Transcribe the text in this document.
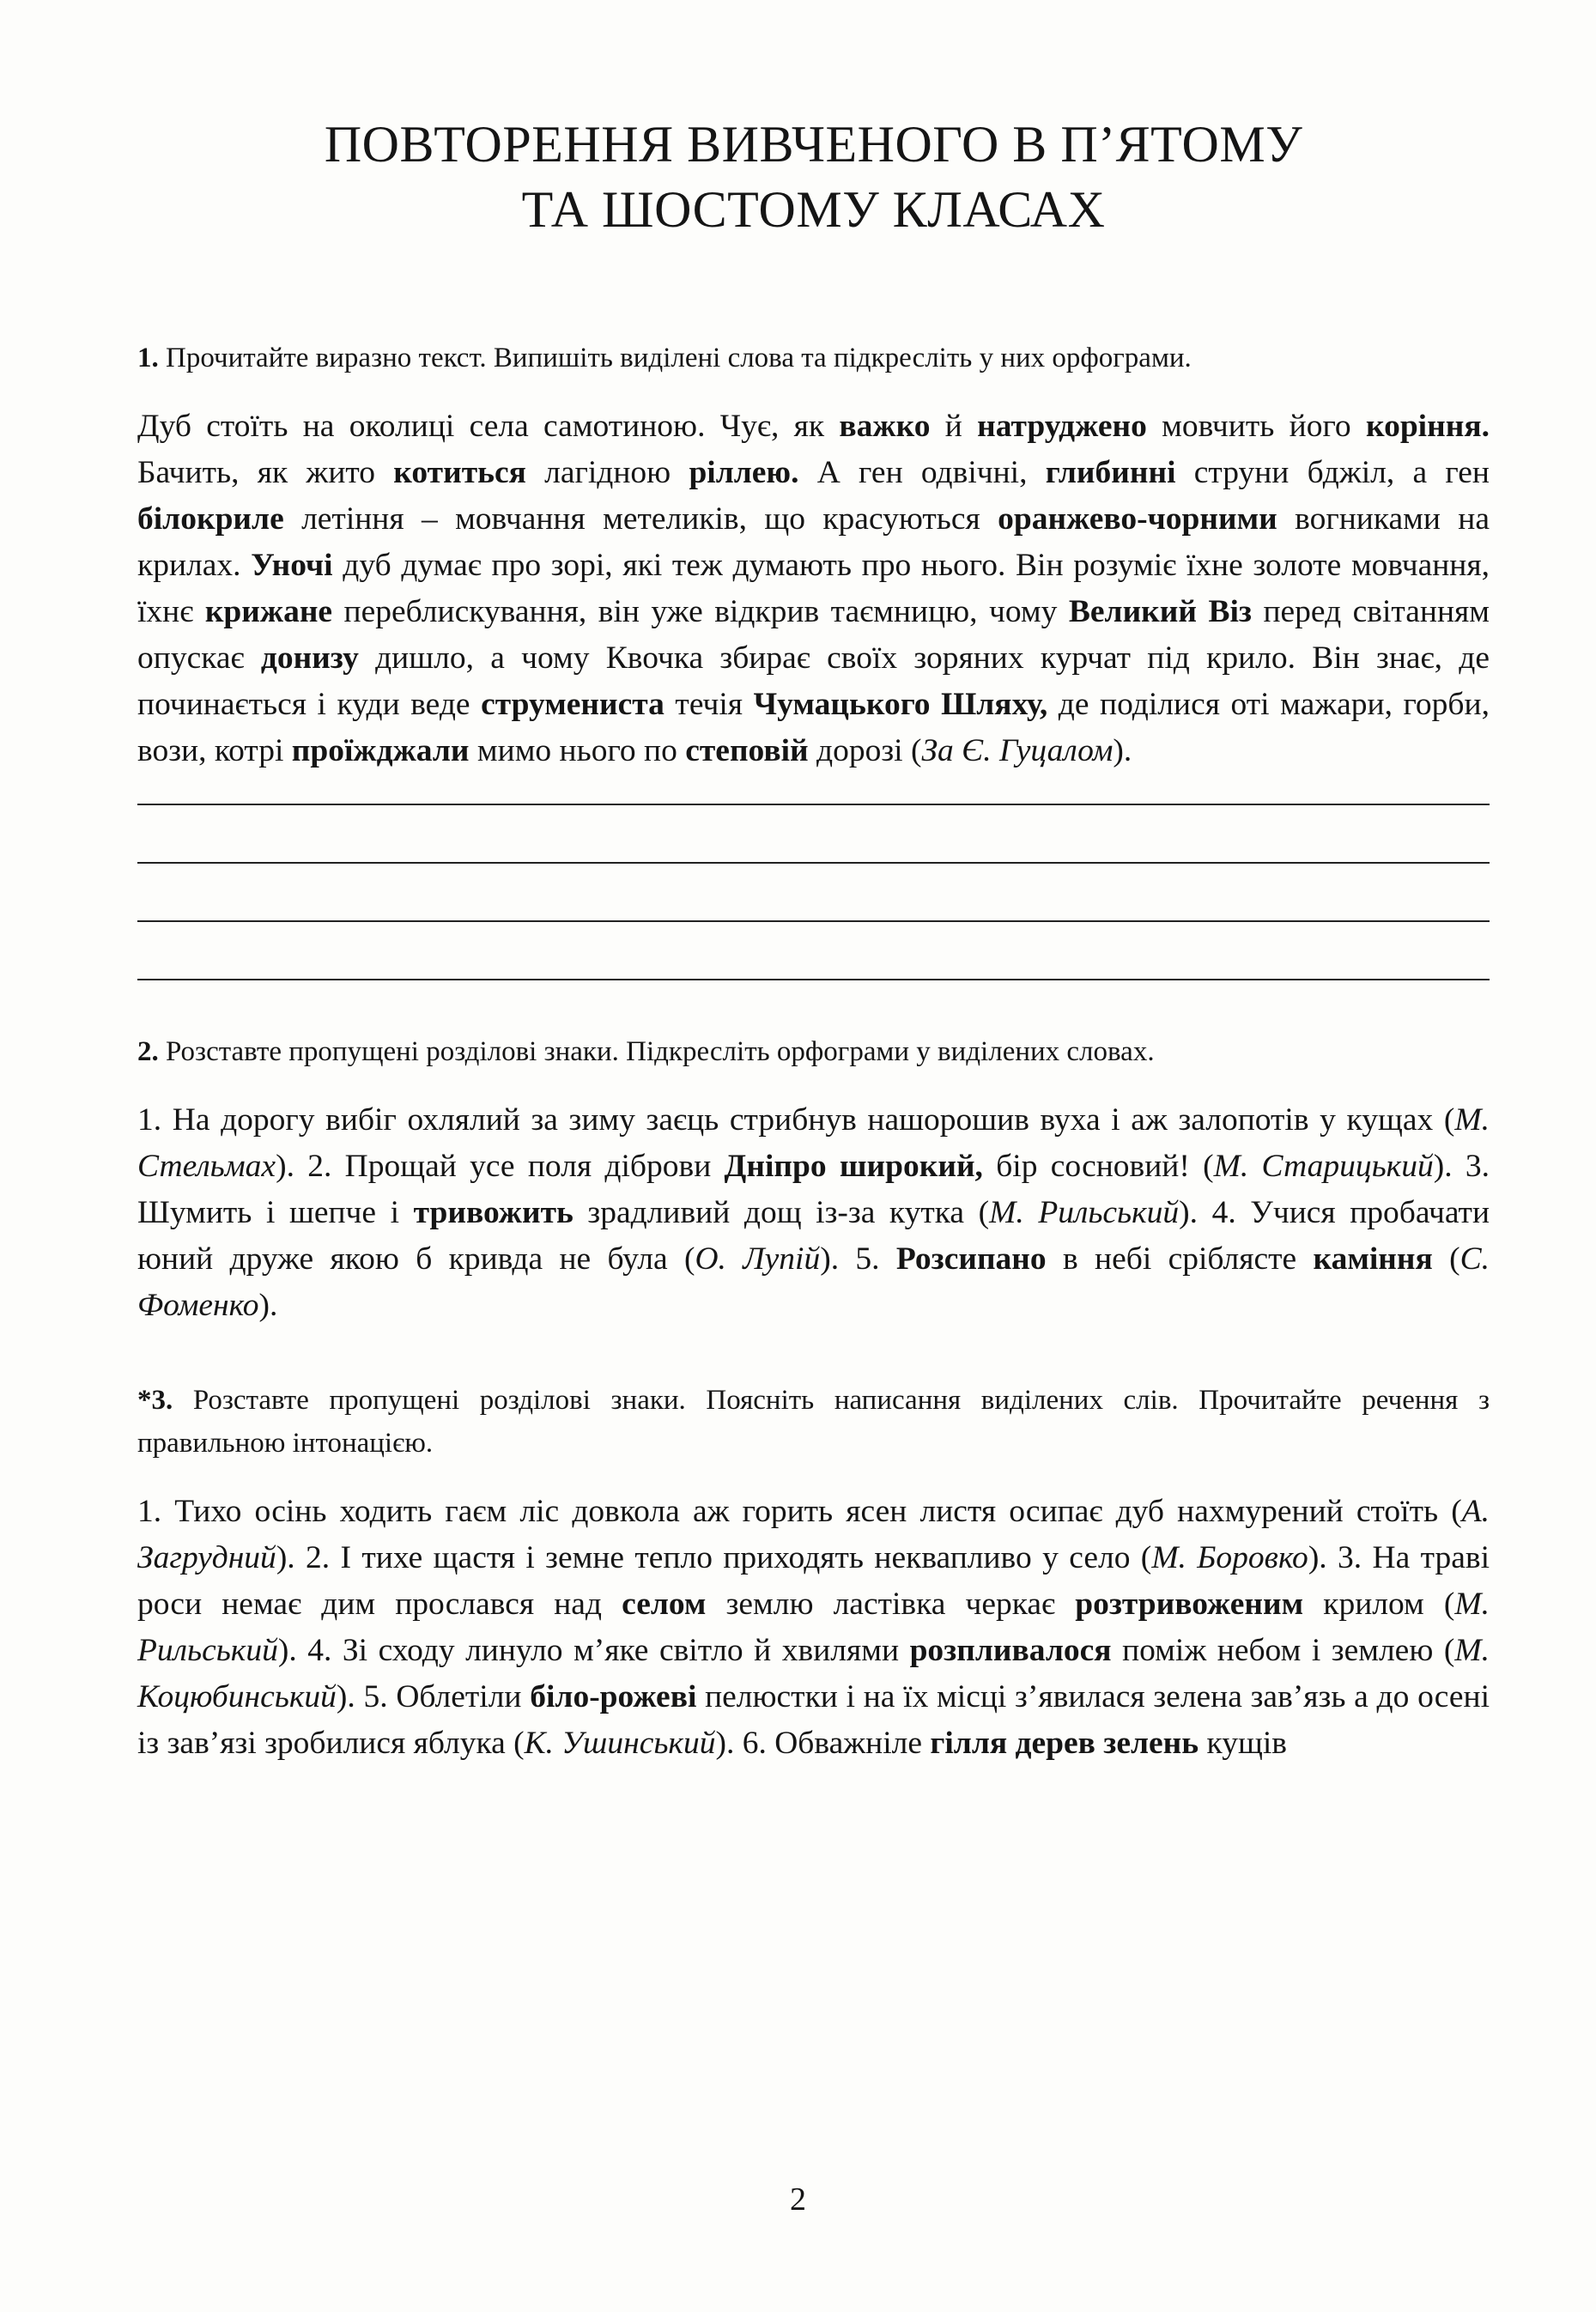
ПОВТОРЕННЯ ВИВЧЕНОГО В П’ЯТОМУ
ТА ШОСТОМУ КЛАСАХ

1. Прочитайте виразно текст. Випишіть виділені слова та підкресліть у них орфограми.

Дуб стоїть на околиці села самотиною. Чує, як важко й натруджено мовчить його коріння. Бачить, як жито котиться лагідною ріллею. А ген одвічні, глибинні струни бджіл, а ген білокриле летіння – мовчання метеликів, що красуються оранжево-чорними вогниками на крилах. Уночі дуб думає про зорі, які теж думають про нього. Він розуміє їхне золоте мовчання, їхнє крижане переблискування, він уже відкрив таємницю, чому Великий Віз перед світанням опускає донизу дишло, а чому Квочка збирає своїх зоряних курчат під крило. Він знає, де починається і куди веде струмениста течія Чумацького Шляху, де поділися оті мажари, горби, вози, котрі проїжджали мимо нього по степовій дорозі (За Є. Гуцалом).

2. Розставте пропущені розділові знаки. Підкресліть орфограми у виділених словах.

1. На дорогу вибіг охлялий за зиму заєць стрибнув нашорошив вуха і аж залопотів у кущах (М. Стельмах). 2. Прощай усе поля діброви Дніпро широкий, бір сосновий! (М. Старицький). 3. Шумить і шепче і тривожить зрадливий дощ із-за кутка (М. Рильський). 4. Учися пробачати юний друже якою б кривда не була (О. Лупій). 5. Розсипано в небі сріблясте каміння (С. Фоменко).

*3. Розставте пропущені розділові знаки. Поясніть написання виділених слів. Прочитайте речення з правильною інтонацією.

1. Тихо осінь ходить гаєм ліс довкола аж горить ясен листя осипає дуб нахмурений стоїть (А. Загрудний). 2. І тихе щастя і земне тепло приходять неквапливо у село (М. Боровко). 3. На траві роси немає дим прослався над селом землю ластівка черкає розтривоженим крилом (М. Рильський). 4. Зі сходу линуло м’яке світло й хвилями розпливалося поміж небом і землею (М. Коцюбинський). 5. Облетіли біло-рожеві пелюстки і на їх місці з’явилася зелена зав’язь а до осені із зав’язі зробилися яблука (К. Ушинський). 6. Обважніле гілля дерев зелень кущів

2
